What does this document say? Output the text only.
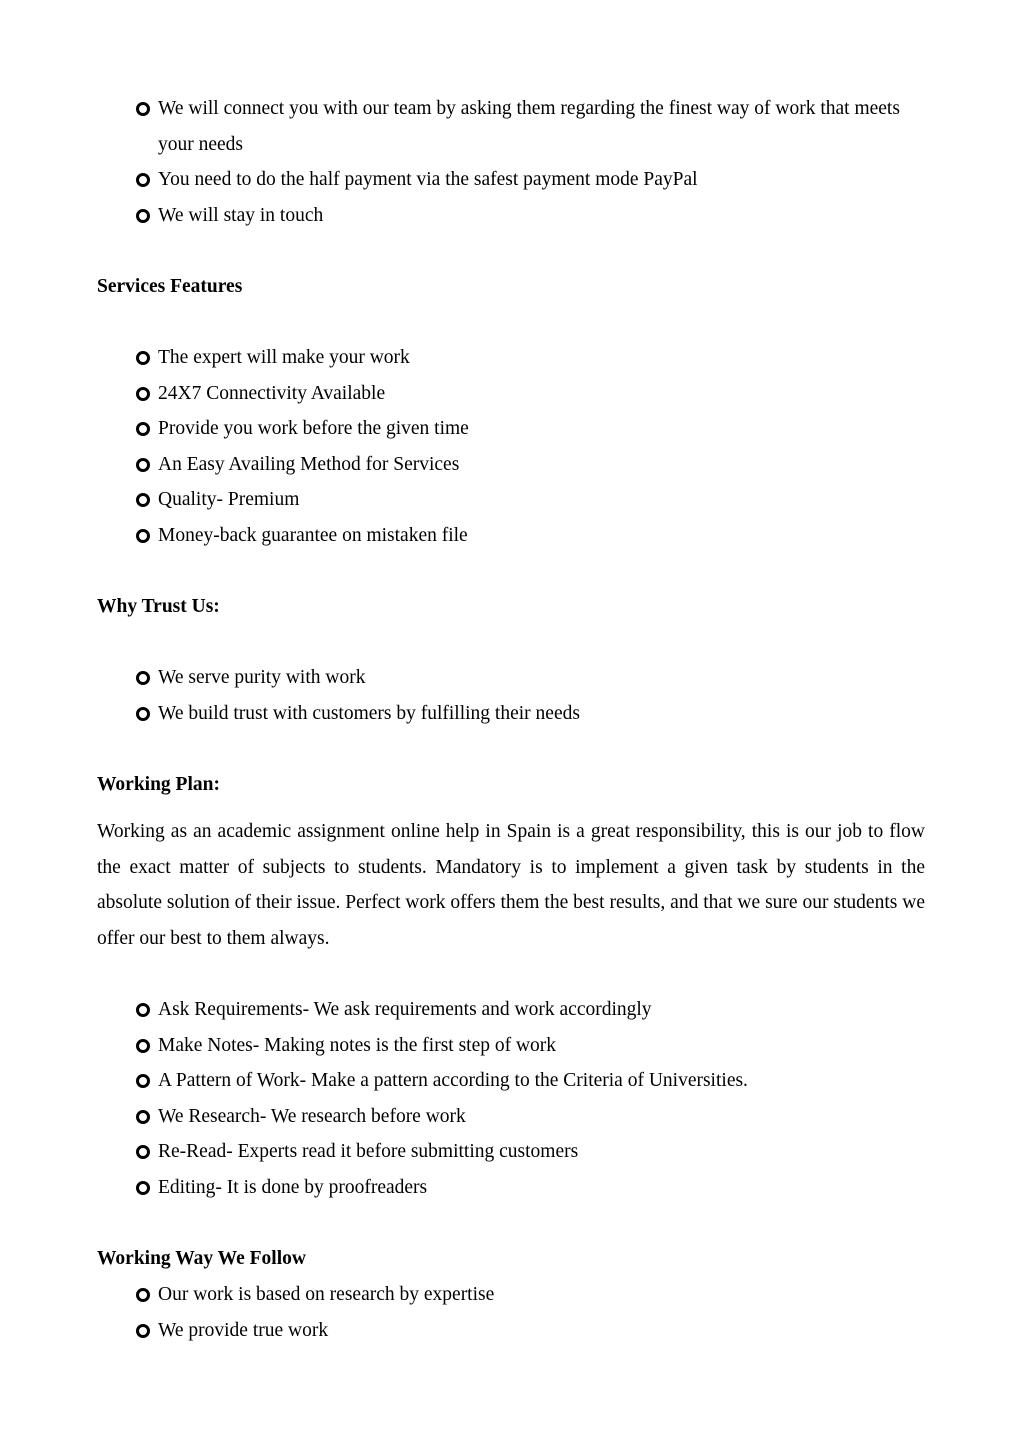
We will connect you with our team by asking them regarding the finest way of work that meets your needs
You need to do the half payment via the safest payment mode PayPal
We will stay in touch
Services Features
The expert will make your work
24X7 Connectivity Available
Provide you work before the given time
An Easy Availing Method for Services
Quality- Premium
Money-back guarantee on mistaken file
Why Trust Us:
We serve purity with work
We build trust with customers by fulfilling their needs
Working Plan:

Working as an academic assignment online help in Spain is a great responsibility, this is our job to flow the exact matter of subjects to students. Mandatory is to implement a given task by students in the absolute solution of their issue. Perfect work offers them the best results, and that we sure our students we offer our best to them always.

Ask Requirements- We ask requirements and work accordingly
Make Notes- Making notes is the first step of work
A Pattern of Work- Make a pattern according to the Criteria of Universities.
We Research- We research before work
Re-Read- Experts read it before submitting customers
Editing- It is done by proofreaders
Working Way We Follow
Our work is based on research by expertise
We provide true work
